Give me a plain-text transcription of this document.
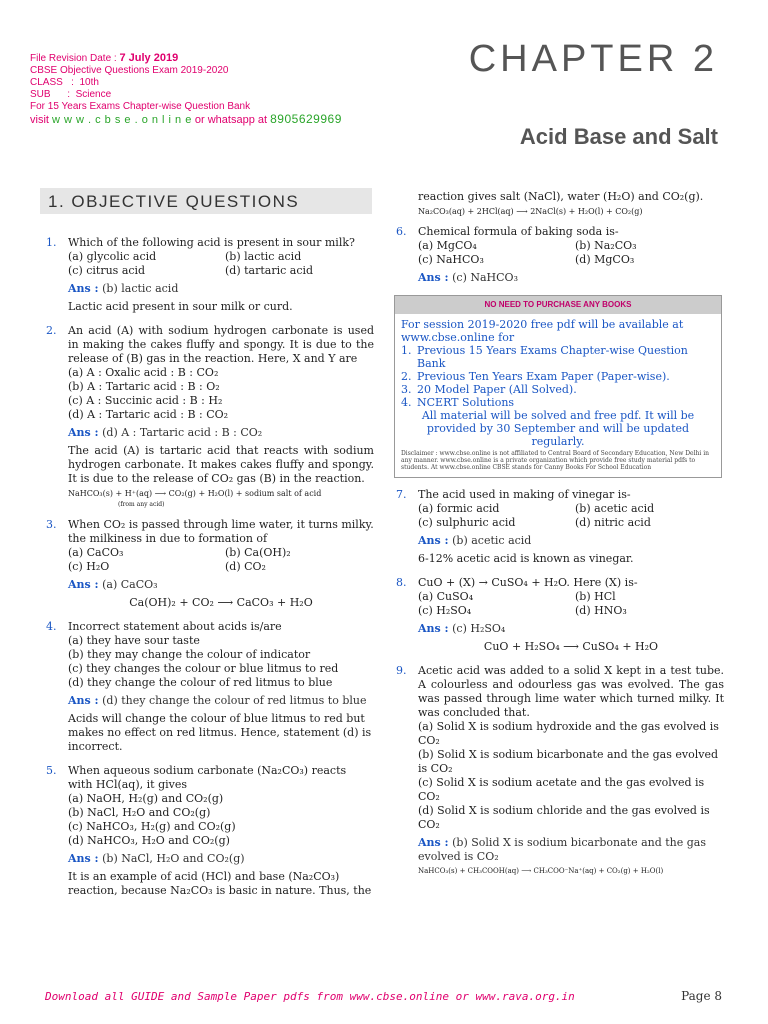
File Revision Date : 7 July 2019
CBSE Objective Questions Exam 2019-2020
CLASS   :  10th
SUB      :  Science
For 15 Years Exams Chapter-wise Question Bank
visit w w w . c b s e . o n l i n e or whatsapp at 8905629969
CHAPTER 2
Acid Base and Salt
1. OBJECTIVE QUESTIONS
1. Which of the following acid is present in sour milk?
(a) glycolic acid	(b) lactic acid
(c) citrus acid	(d) tartaric acid
Ans : (b) lactic acid
Lactic acid present in sour milk or curd.
2. An acid (A) with sodium hydrogen carbonate is used in making the cakes fluffy and spongy. It is due to the release of (B) gas in the reaction. Here, X and Y are
(a) A : Oxalic acid : B : CO₂
(b) A : Tartaric acid : B : O₂
(c) A : Succinic acid : B : H₂
(d) A : Tartaric acid : B : CO₂
Ans : (d) A : Tartaric acid : B : CO₂
The acid (A) is tartaric acid that reacts with sodium hydrogen carbonate. It makes cakes fluffy and spongy. It is due to the release of CO₂ gas (B) in the reaction.
NaHCO₃(s) + H⁺(aq) ⟶ CO₂(g) + H₂O(l) + sodium salt of acid
(from any acid)
3. When CO₂ is passed through lime water, it turns milky. the milkiness in due to formation of
(a) CaCO₃	(b) Ca(OH)₂
(c) H₂O	(d) CO₂
Ans : (a) CaCO₃
Ca(OH)₂ + CO₂ ⟶ CaCO₃ + H₂O
4. Incorrect statement about acids is/are
(a) they have sour taste
(b) they may change the colour of indicator
(c) they changes the colour or blue litmus to red
(d) they change the colour of red litmus to blue
Ans : (d) they change the colour of red litmus to blue
Acids will change the colour of blue litmus to red but makes no effect on red litmus. Hence, statement (d) is incorrect.
5. When aqueous sodium carbonate (Na₂CO₃) reacts with HCl(aq), it gives
(a) NaOH, H₂(g) and CO₂(g)
(b) NaCl, H₂O and CO₂(g)
(c) NaHCO₃, H₂(g) and CO₂(g)
(d) NaHCO₃, H₂O and CO₂(g)
Ans : (b) NaCl, H₂O and CO₂(g)
It is an example of acid (HCl) and base (Na₂CO₃) reaction, because Na₂CO₃ is basic in nature. Thus, the
reaction gives salt (NaCl), water (H₂O) and CO₂(g).
Na₂CO₃(aq) + 2HCl(aq) ⟶ 2NaCl(s) + H₂O(l) + CO₂(g)
6. Chemical formula of baking soda is-
(a) MgCO₄	(b) Na₂CO₃
(c) NaHCO₃	(d) MgCO₃
Ans : (c) NaHCO₃
NO NEED TO PURCHASE ANY BOOKS
For session 2019-2020 free pdf will be available at www.cbse.online for
1. Previous 15 Years Exams Chapter-wise Question Bank
2. Previous Ten Years Exam Paper (Paper-wise).
3. 20 Model Paper (All Solved).
4. NCERT Solutions
All material will be solved and free pdf. It will be provided by 30 September and will be updated regularly.
Disclaimer : www.cbse.online is not affiliated to Central Board of Secondary Education, New Delhi in any manner. www.cbse.online is a private organization which provide free study material pdfs to students. At www.cbse.online CBSE stands for Canny Books For School Education
7. The acid used in making of vinegar is-
(a) formic acid	(b) acetic acid
(c) sulphuric acid	(d) nitric acid
Ans : (b) acetic acid
6-12% acetic acid is known as vinegar.
8. CuO + (X) → CuSO₄ + H₂O. Here (X) is-
(a) CuSO₄	(b) HCl
(c) H₂SO₄	(d) HNO₃
Ans : (c) H₂SO₄
CuO + H₂SO₄ ⟶ CuSO₄ + H₂O
9. Acetic acid was added to a solid X kept in a test tube. A colourless and odourless gas was evolved. The gas was passed through lime water which turned milky. It was concluded that.
(a) Solid X is sodium hydroxide and the gas evolved is CO₂
(b) Solid X is sodium bicarbonate and the gas evolved is CO₂
(c) Solid X is sodium acetate and the gas evolved is CO₂
(d) Solid X is sodium chloride and the gas evolved is CO₂
Ans : (b) Solid X is sodium bicarbonate and the gas evolved is CO₂
NaHCO₃(s) + CH₃COOH(aq) ⟶ CH₃COO⁻Na⁺(aq) + CO₂(g) + H₂O(l)
Download all GUIDE and Sample Paper pdfs from www.cbse.online or www.rava.org.in	Page 8
